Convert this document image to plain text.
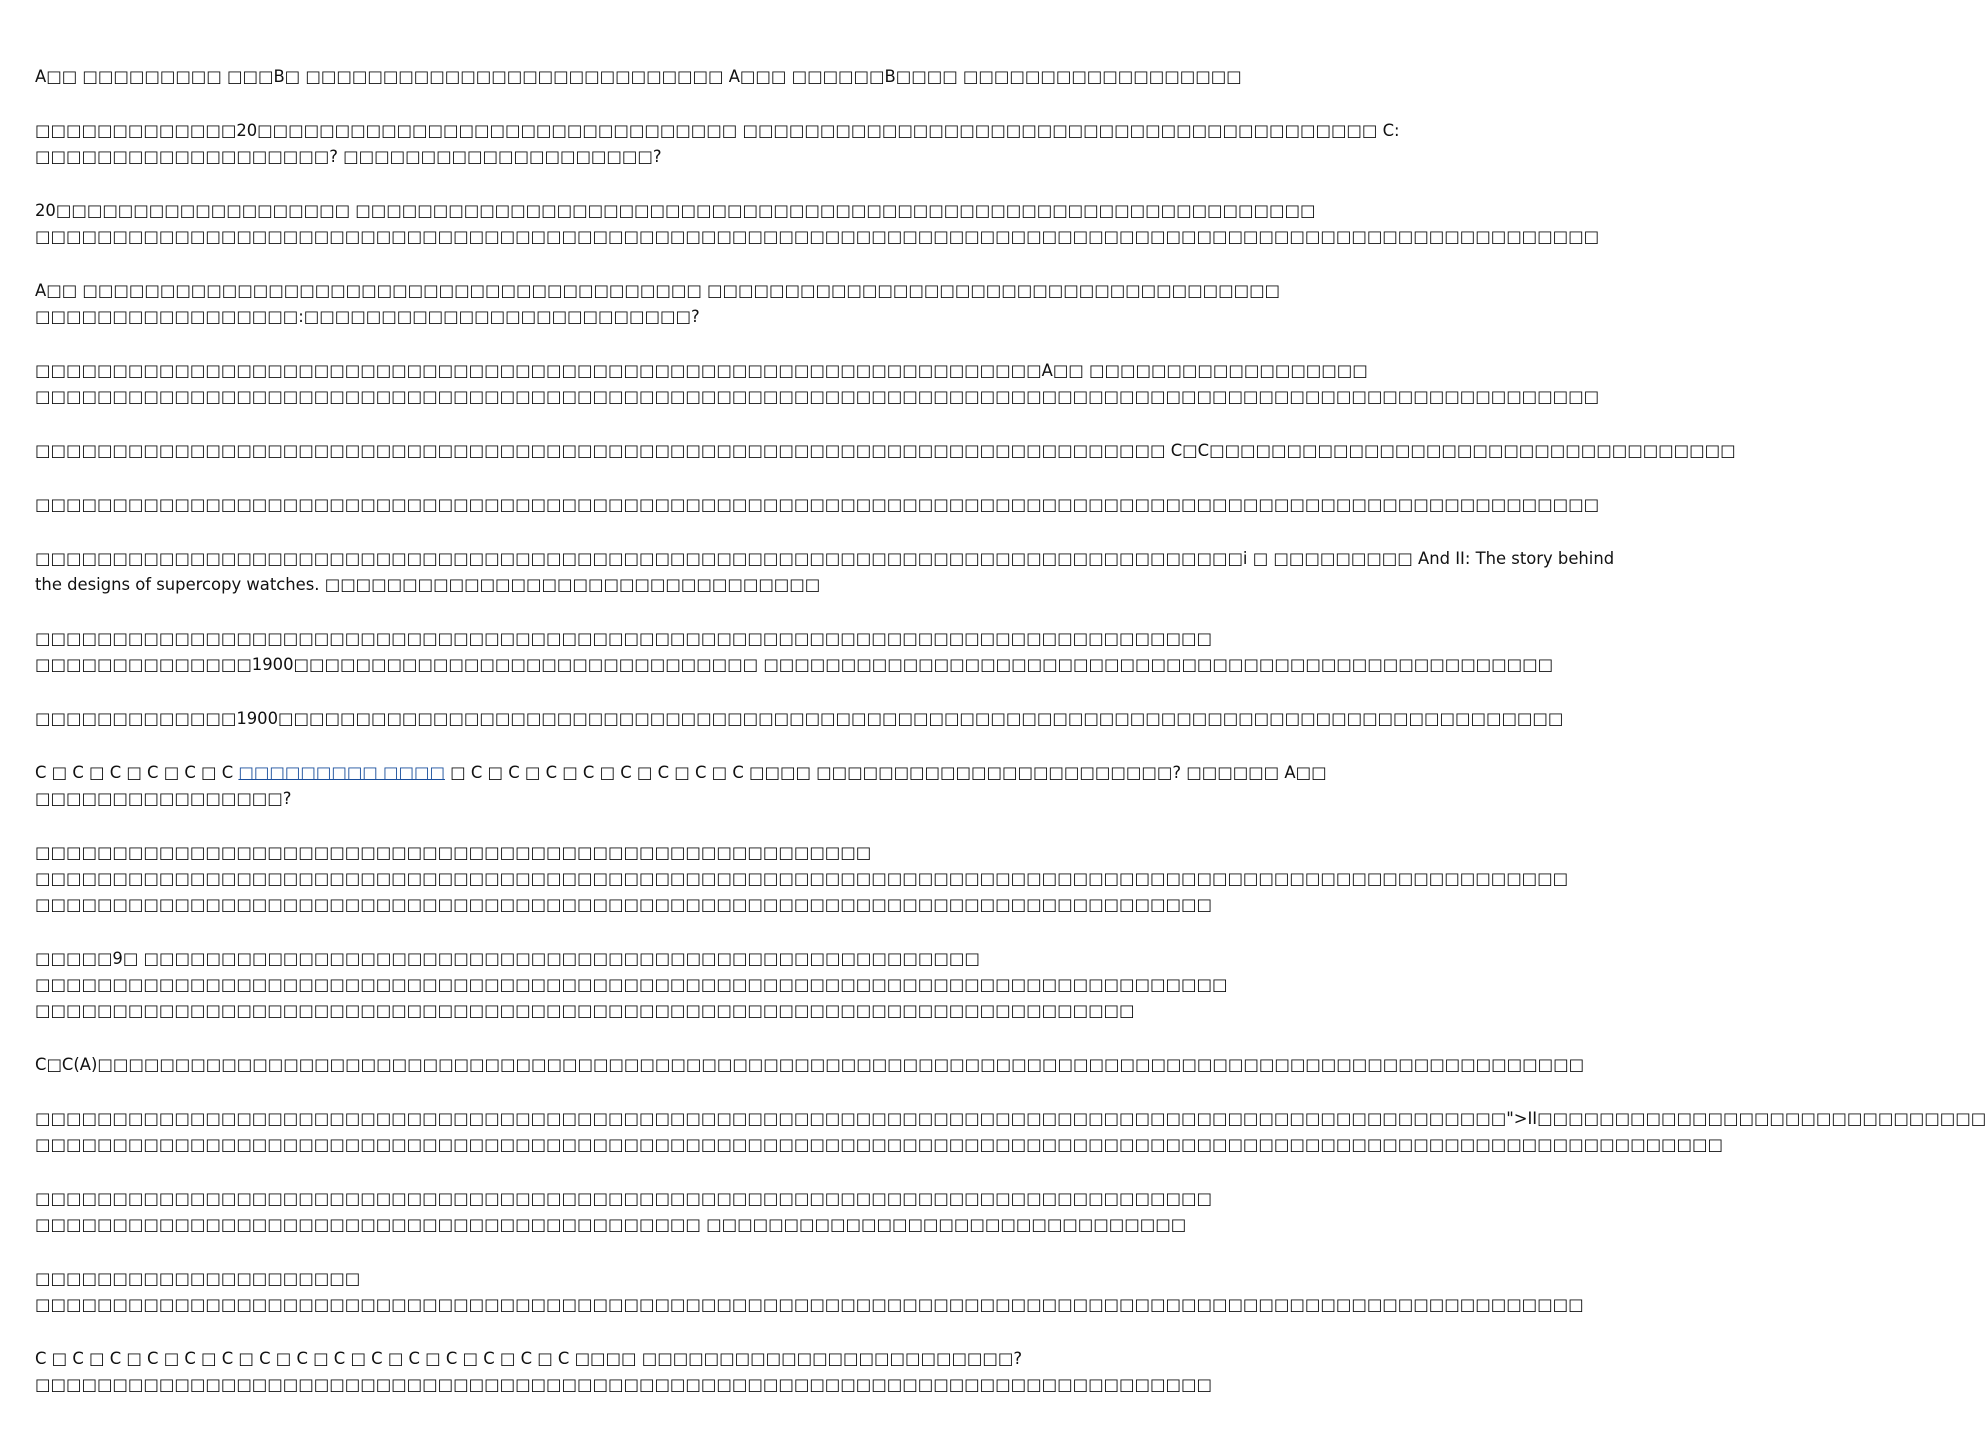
A□□ □□□□□□□□□ □□□B□ □□□□□□□□□□□□□□□□□□□□□□□□□□□ A□□□ □□□□□□B□□□□ □□□□□□□□□□□□□□□□□□
□□□□□□□□□□□□□20□□□□□□□□□□□□□□□□□□□□□□□□□□□□□□□ □□□□□□□□□□□□□□□□□□□□□□□□□□□□□□□□□□□□□□□□□ C:
□□□□□□□□□□□□□□□□□□□? □□□□□□□□□□□□□□□□□□□□?
20□□□□□□□□□□□□□□□□□□□ □□□□□□□□□□□□□□□□□□□□□□□□□□□□□□□□□□□□□□□□□□□□□□□□□□□□□□□□□□□□□□
□□□□□□□□□□□□□□□□□□□□□□□□□□□□□□□□□□□□□□□□□□□□□□□□□□□□□□□□□□□□□□□□□□□□□□□□□□□□□□□□□□□□□□□□□□□□□□□□□□□□□
A□□ □□□□□□□□□□□□□□□□□□□□□□□□□□□□□□□□□□□□□□□□ □□□□□□□□□□□□□□□□□□□□□□□□□□□□□□□□□□□□□
□□□□□□□□□□□□□□□□□:□□□□□□□□□□□□□□□□□□□□□□□□□?
□□□□□□□□□□□□□□□□□□□□□□□□□□□□□□□□□□□□□□□□□□□□□□□□□□□□□□□□□□□□□□□□□A□□ □□□□□□□□□□□□□□□□□□
□□□□□□□□□□□□□□□□□□□□□□□□□□□□□□□□□□□□□□□□□□□□□□□□□□□□□□□□□□□□□□□□□□□□□□□□□□□□□□□□□□□□□□□□□□□□□□□□□□□□□
□□□□□□□□□□□□□□□□□□□□□□□□□□□□□□□□□□□□□□□□□□□□□□□□□□□□□□□□□□□□□□□□□□□□□□□□□ C□C□□□□□□□□□□□□□□□□□□□□□□□□□□□□□□□□□□
□□□□□□□□□□□□□□□□□□□□□□□□□□□□□□□□□□□□□□□□□□□□□□□□□□□□□□□□□□□□□□□□□□□□□□□□□□□□□□□□□□□□□□□□□□□□□□□□□□□□□
□□□□□□□□□□□□□□□□□□□□□□□□□□□□□□□□□□□□□□□□□□□□□□□□□□□□□□□□□□□□□□□□□□□□□□□□□□□□□□i □ □□□□□□□□□ And II: The story behind
the designs of supercopy watches. □□□□□□□□□□□□□□□□□□□□□□□□□□□□□□□□
□□□□□□□□□□□□□□□□□□□□□□□□□□□□□□□□□□□□□□□□□□□□□□□□□□□□□□□□□□□□□□□□□□□□□□□□□□□□
□□□□□□□□□□□□□□1900□□□□□□□□□□□□□□□□□□□□□□□□□□□□□□ □□□□□□□□□□□□□□□□□□□□□□□□□□□□□□□□□□□□□□□□□□□□□□□□□□□
□□□□□□□□□□□□□1900□□□□□□□□□□□□□□□□□□□□□□□□□□□□□□□□□□□□□□□□□□□□□□□□□□□□□□□□□□□□□□□□□□□□□□□□□□□□□□□□□□□
C □ C □ C □ C □ C □ C □□□□□□□□□ □□□□ □ C □ C □ C □ C □ C □ C □ C □ C □□□□ □□□□□□□□□□□□□□□□□□□□□□□? □□□□□□ A□□
□□□□□□□□□□□□□□□□?
□□□□□□□□□□□□□□□□□□□□□□□□□□□□□□□□□□□□□□□□□□□□□□□□□□□□□□
□□□□□□□□□□□□□□□□□□□□□□□□□□□□□□□□□□□□□□□□□□□□□□□□□□□□□□□□□□□□□□□□□□□□□□□□□□□□□□□□□□□□□□□□□□□□□□□□□□□
□□□□□□□□□□□□□□□□□□□□□□□□□□□□□□□□□□□□□□□□□□□□□□□□□□□□□□□□□□□□□□□□□□□□□□□□□□□□
□□□□□9□ □□□□□□□□□□□□□□□□□□□□□□□□□□□□□□□□□□□□□□□□□□□□□□□□□□□□□□
□□□□□□□□□□□□□□□□□□□□□□□□□□□□□□□□□□□□□□□□□□□□□□□□□□□□□□□□□□□□□□□□□□□□□□□□□□□□□
□□□□□□□□□□□□□□□□□□□□□□□□□□□□□□□□□□□□□□□□□□□□□□□□□□□□□□□□□□□□□□□□□□□□□□□
C□C(A)□□□□□□□□□□□□□□□□□□□□□□□□□□□□□□□□□□□□□□□□□□□□□□□□□□□□□□□□□□□□□□□□□□□□□□□□□□□□□□□□□□□□□□□□□□□□□□□□
□□□□□□□□□□□□□□□□□□□□□□□□□□□□□□□□□□□□□□□□□□□□□□□□□□□□□□□□□□□□□□□□□□□□□□□□□□□□□□□□□□□□□□□□□□□□□□□">II□□□□□□□□□□□□□□□□□□□□□□□□□□□□□
□□□□□□□□□□□□□□□□□□□□□□□□□□□□□□□□□□□□□□□□□□□□□□□□□□□□□□□□□□□□□□□□□□□□□□□□□□□□□□□□□□□□□□□□□□□□□□□□□□□□□□□□□□□□□
□□□□□□□□□□□□□□□□□□□□□□□□□□□□□□□□□□□□□□□□□□□□□□□□□□□□□□□□□□□□□□□□□□□□□□□□□□□□
□□□□□□□□□□□□□□□□□□□□□□□□□□□□□□□□□□□□□□□□□□□ □□□□□□□□□□□□□□□□□□□□□□□□□□□□□□□
□□□□□□□□□□□□□□□□□□□□□
□□□□□□□□□□□□□□□□□□□□□□□□□□□□□□□□□□□□□□□□□□□□□□□□□□□□□□□□□□□□□□□□□□□□□□□□□□□□□□□□□□□□□□□□□□□□□□□□□□□□
C □ C □ C □ C □ C □ C □ C □ C □ C □ C □ C □ C □ C □ C □ C □□□□ □□□□□□□□□□□□□□□□□□□□□□□□?
□□□□□□□□□□□□□□□□□□□□□□□□□□□□□□□□□□□□□□□□□□□□□□□□□□□□□□□□□□□□□□□□□□□□□□□□□□□□
